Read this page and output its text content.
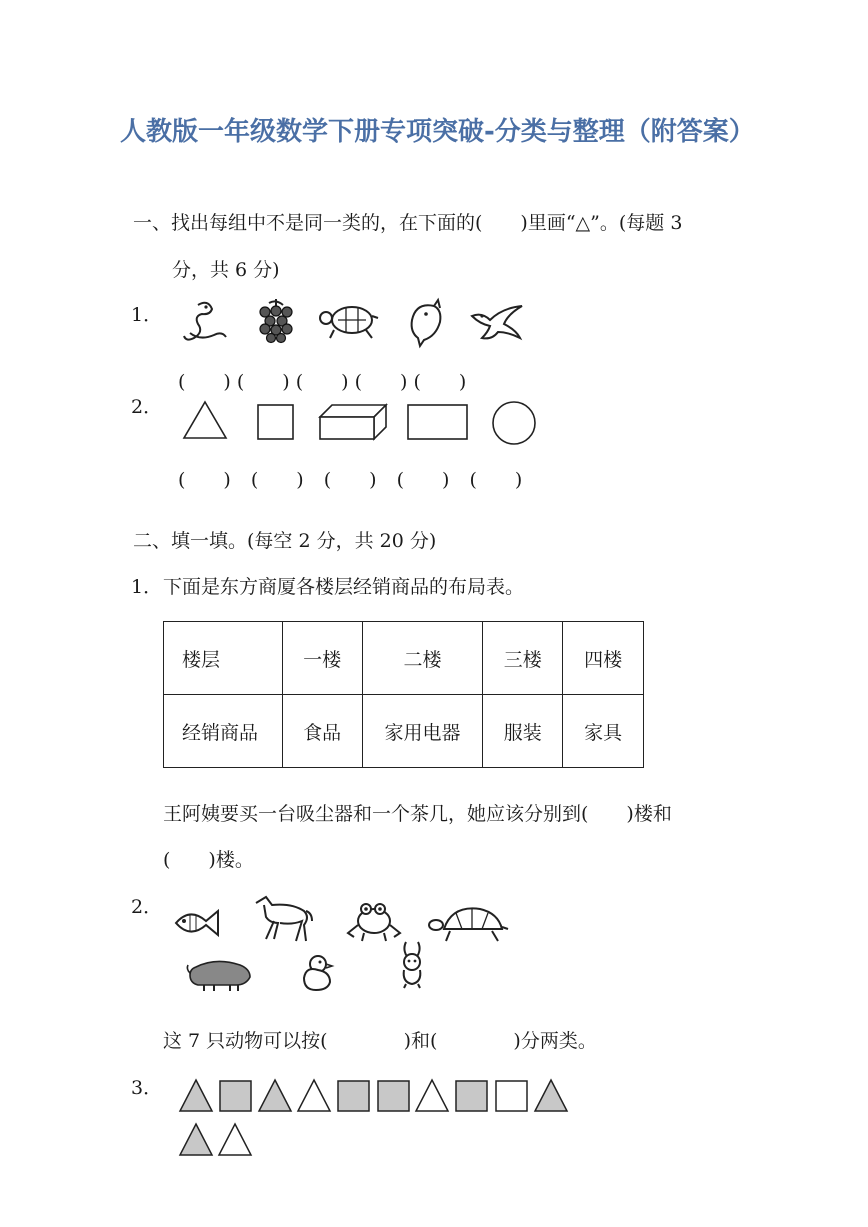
人教版一年级数学下册专项突破-分类与整理（附答案）
一、找出每组中不是同一类的，在下面的(　　)里画“△”。(每题 3
分，共 6 分)
1．
(　　) (　　) (　　) (　　) (　　)
2．
(　　) (　　) (　　) (　　) (　　)
二、填一填。(每空 2 分，共 20 分)
1． 下面是东方商厦各楼层经销商品的布局表。
楼层	一楼	二楼	三楼	四楼
经销商品	食品	家用电器	服装	家具
王阿姨要买一台吸尘器和一个茶几，她应该分别到(　　)楼和
(　　)楼。
2．
这 7 只动物可以按(　　　　)和(　　　　)分两类。
3．
